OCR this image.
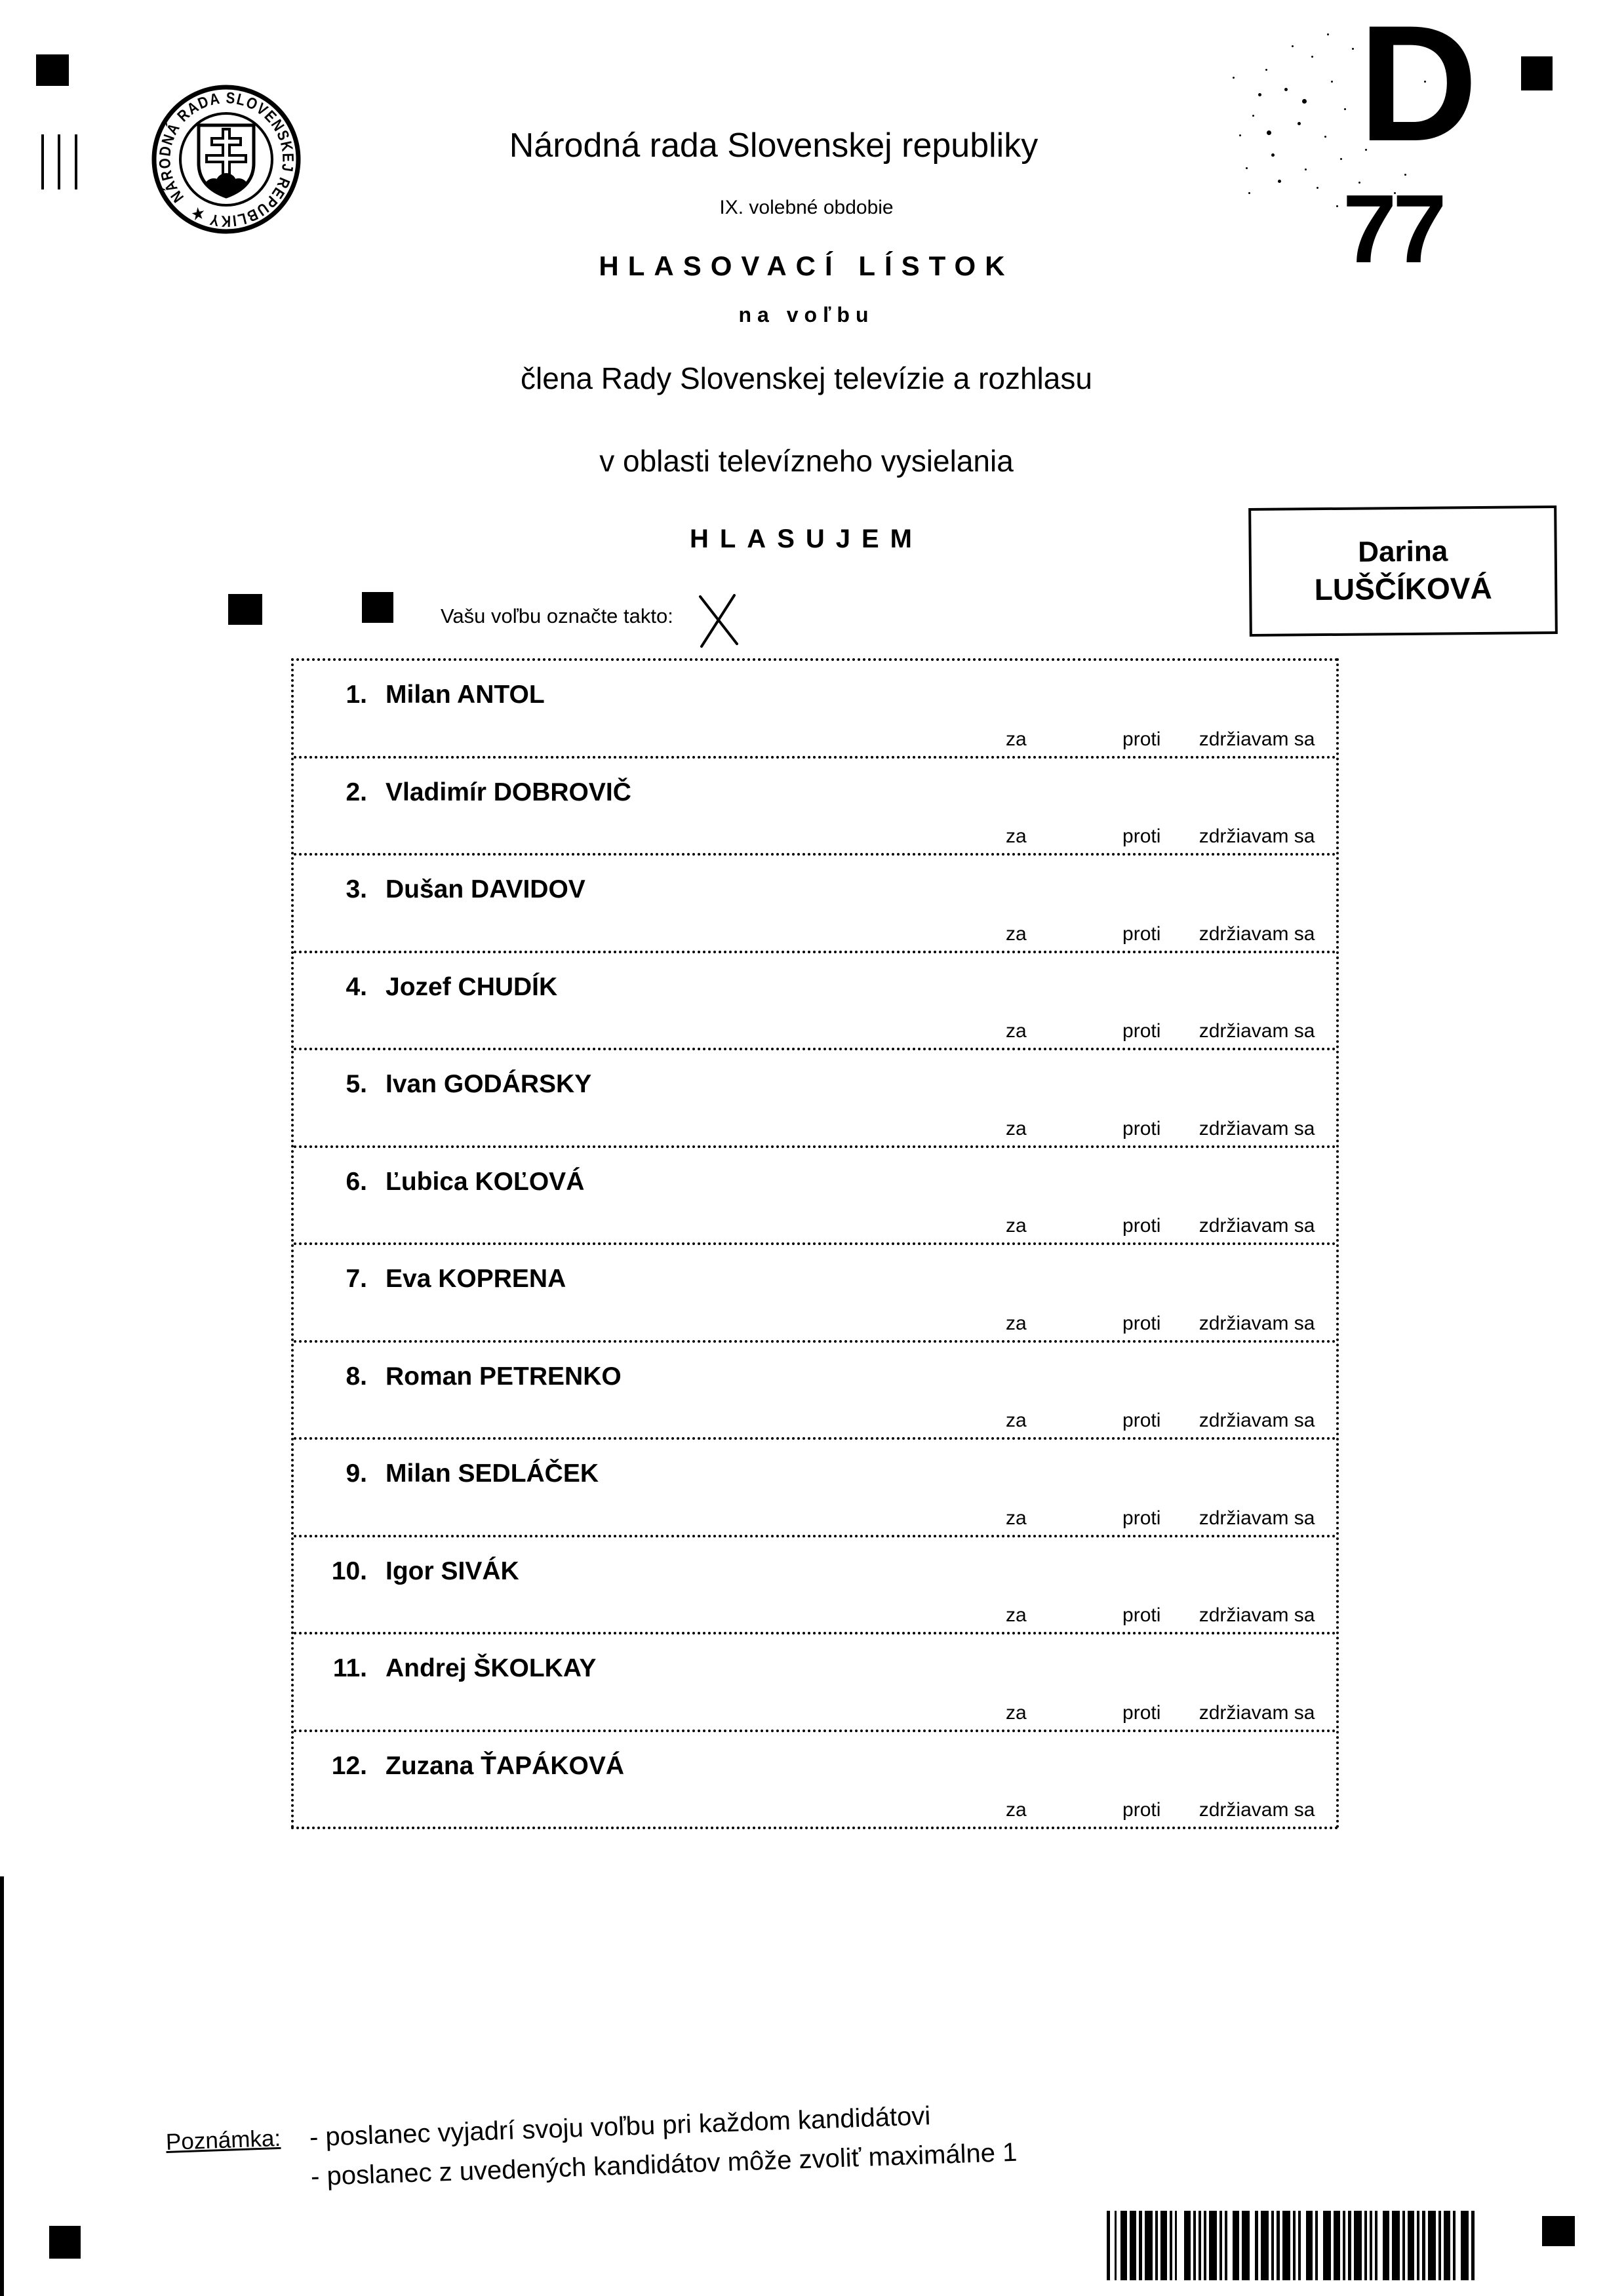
NÁRODNÁ RADA SLOVENSKEJ REPUBLIKY ★
Národná rada Slovenskej republiky
IX. volebné obdobie
HLASOVACÍ LÍSTOK
na voľbu
člena Rady Slovenskej televízie a rozhlasu
v oblasti televízneho vysielania
HLASUJEM
D
77
Darina
LUŠČÍKOVÁ
Vašu voľbu označte takto:
1. Milan ANTOL
za	proti zdržiavam sa
2. Vladimír DOBROVIČ
za	proti zdržiavam sa
3. Dušan DAVIDOV
za	proti zdržiavam sa
4. Jozef CHUDÍK
za	proti zdržiavam sa
5. Ivan GODÁRSKY
za	proti zdržiavam sa
6. Ľubica KOĽOVÁ
za	proti zdržiavam sa
7. Eva KOPRENA
za	proti zdržiavam sa
8. Roman PETRENKO
za	proti zdržiavam sa
9. Milan SEDLÁČEK
za	proti zdržiavam sa
10. Igor SIVÁK
za	proti zdržiavam sa
11. Andrej ŠKOLKAY
za	proti zdržiavam sa
12. Zuzana ŤAPÁKOVÁ
za	proti zdržiavam sa
Poznámka: - poslanec vyjadrí svoju voľbu pri každom kandidátovi
- poslanec z uvedených kandidátov môže zvoliť maximálne 1
